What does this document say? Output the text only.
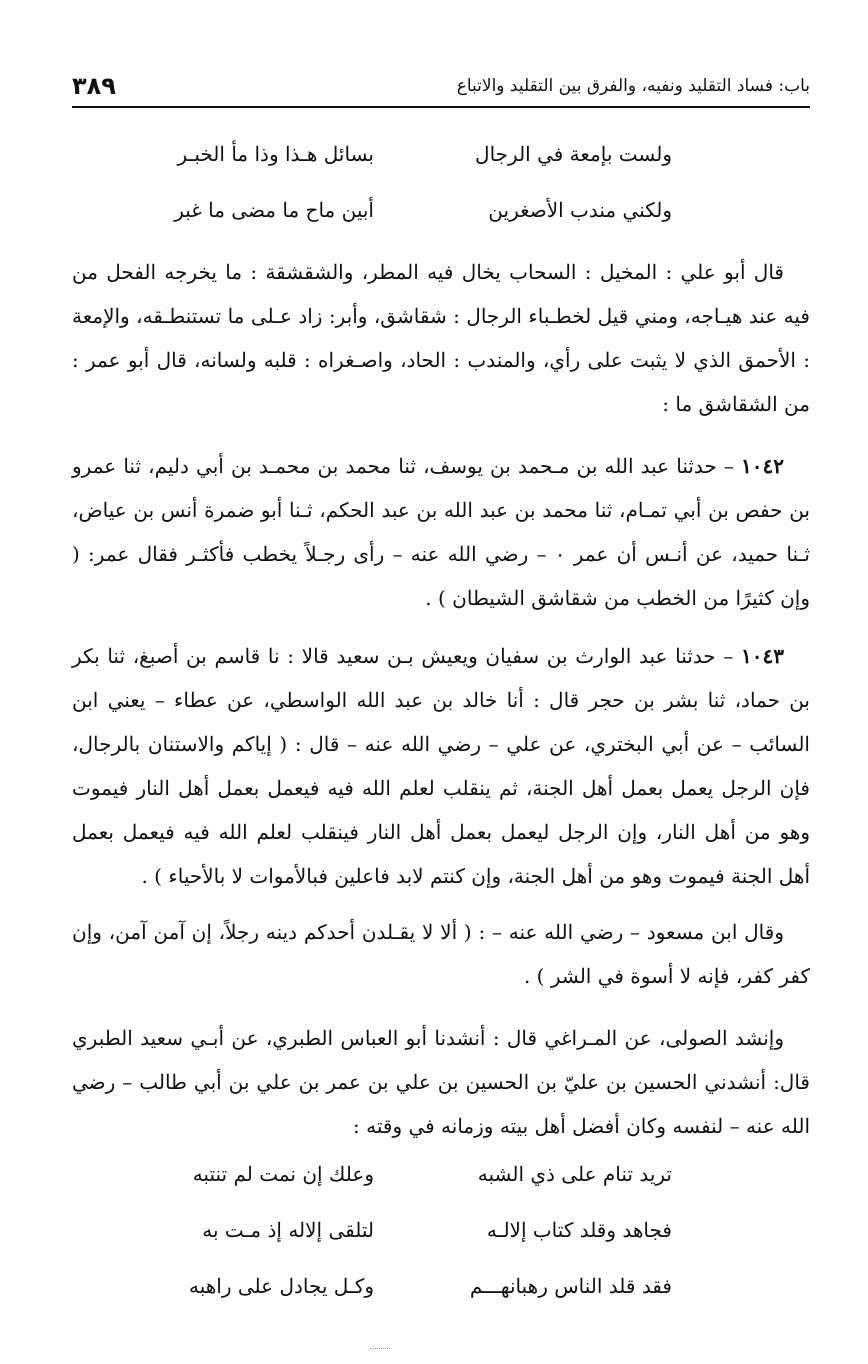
باب: فساد التقليد ونفيه، والفرق بين التقليد والاتباع
٣٨٩
ولست بإمعة في الرجال
بسائل هـذا وذا مأ الخبـر
ولكني مندب الأصغرين
أبين ماح ما مضى ما غبر
قال أبو علي : المخيل : السحاب يخال فيه المطر، والشقشقة : ما يخرجه الفحل من فيه عند هيـاجه، ومني قيل لخطـباء الرجال : شقاشق، وأبر: زاد عـلى ما تستنطـقه، والإمعة : الأحمق الذي لا يثبت على رأي، والمندب : الحاد، واصـغراه : قلبه ولسانه، قال أبو عمر : من الشقاشق ما :
١٠٤٢ – حدثنا عبد الله بن مـحمد بن يوسف، ثنا محمد بن محمـد بن أبي دليم، ثنا عمرو بن حفص بن أبي تمـام، ثنا محمد بن عبد الله بن عبد الحكم، ثـنا أبو ضمرة أنس بن عياض، ثـنا حميد، عن أنـس أن عمر ٠ – رضي الله عنه – رأى رجـلاً يخطب فأكثـر فقال عمر: ( وإن كثيرًا من الخطب من شقاشق الشيطان ) .
١٠٤٣ – حدثنا عبد الوارث بن سفيان ويعيش بـن سعيد قالا : نا قاسم بن أصبغ، ثنا بكر بن حماد، ثنا بشر بن حجر قال : أنا خالد بن عبد الله الواسطي، عن عطاء – يعني ابن السائب – عن أبي البختري، عن علي – رضي الله عنه – قال : ( إياكم والاستنان بالرجال، فإن الرجل يعمل بعمل أهل الجنة، ثم ينقلب لعلم الله فيه فيعمل بعمل أهل النار فيموت وهو من أهل النار، وإن الرجل ليعمل بعمل أهل النار فينقلب لعلم الله فيه فيعمل بعمل أهل الجنة فيموت وهو من أهل الجنة، وإن كنتم لابد فاعلين فبالأموات لا بالأحياء ) .
وقال ابن مسعود – رضي الله عنه – : ( ألا لا يقـلدن أحدكم دينه رجلاً، إن آمن آمن، وإن كفر كفر، فإنه لا أسوة في الشر ) .
وإنشد الصولى، عن المـراغي قال : أنشدنا أبو العباس الطبري، عن أبـي سعيد الطبري قال: أنشدني الحسين بن عليّ بن الحسين بن علي بن عمر بن علي بن أبي طالب – رضي الله عنه – لنفسه وكان أفضل أهل بيته وزمانه في وقته :
تريد تنام على ذي الشبه
وعلك إن نمت لم تنتبه
فجاهد وقلد كتاب إلالـه
لتلقى إلاله إذ مـت به
فقد قلد الناس رهبانهـــم
وكـل يجادل على راهبه
